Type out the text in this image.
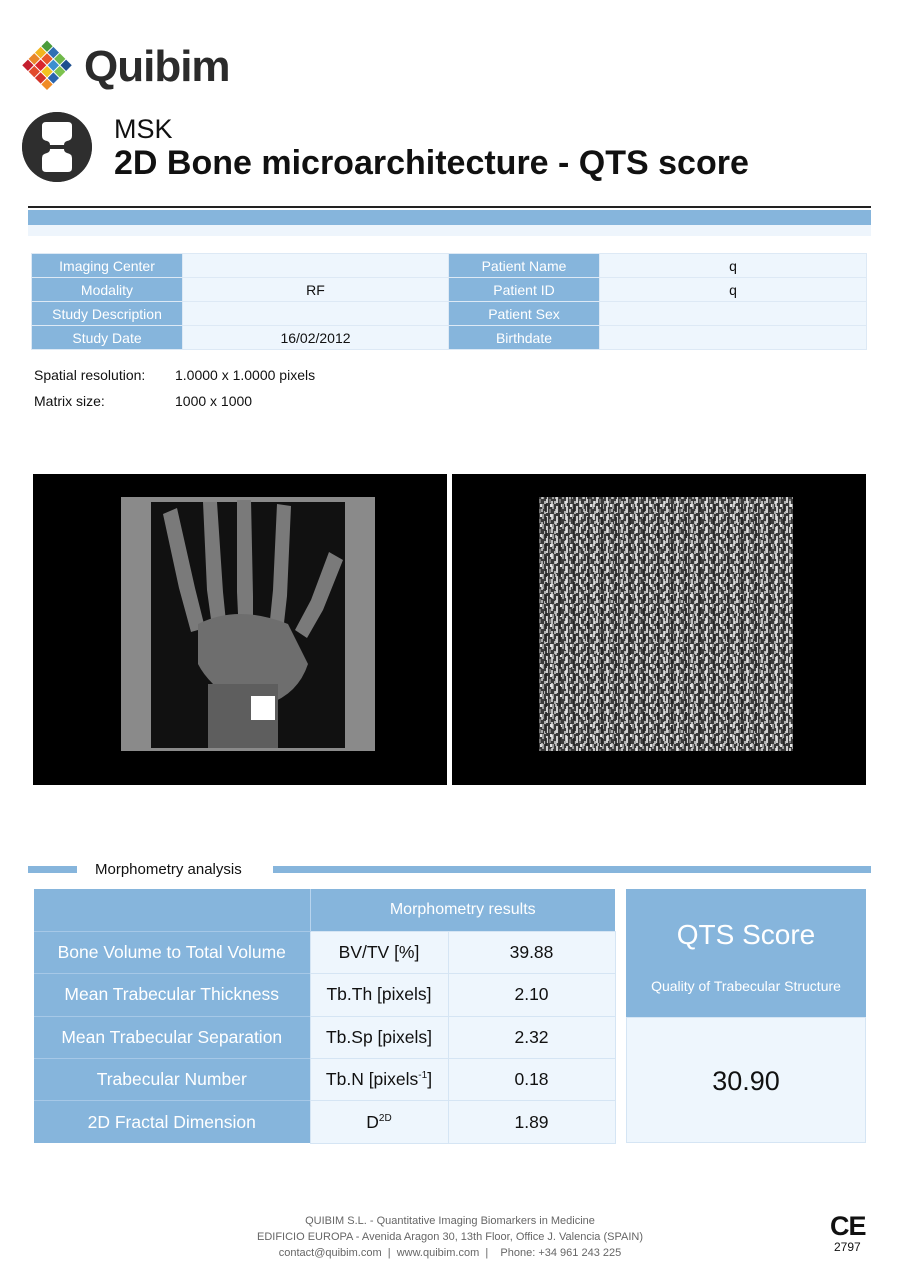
Quibim
MSK
2D Bone microarchitecture - QTS score
Imaging Center		Patient Name	q
Modality	RF	Patient ID	q
Study Description		Patient Sex	
Study Date	16/02/2012	Birthdate	
Spatial resolution: 1.0000 x 1.0000 pixels
Matrix size:	1000 x 1000
Morphometry analysis
	Morphometry results	
Bone Volume to Total Volume	BV/TV [%]	39.88
Mean Trabecular Thickness	Tb.Th [pixels]	2.10
Mean Trabecular Separation	Tb.Sp [pixels]	2.32
Trabecular Number	Tb.N [pixels$^{-1}$]	0.18
2D Fractal Dimension	$D^{2D}$	1.89
QTS Score
Quality of Trabecular Structure
30.90
QUIBIM S.L. - Quantitative Imaging Biomarkers in Medicine
EDIFICIO EUROPA - Avenida Aragon 30, 13th Floor, Office J. Valencia (SPAIN)
contact@quibim.com  |  www.quibim.com  |    Phone: +34 961 243 225
CE
2797
